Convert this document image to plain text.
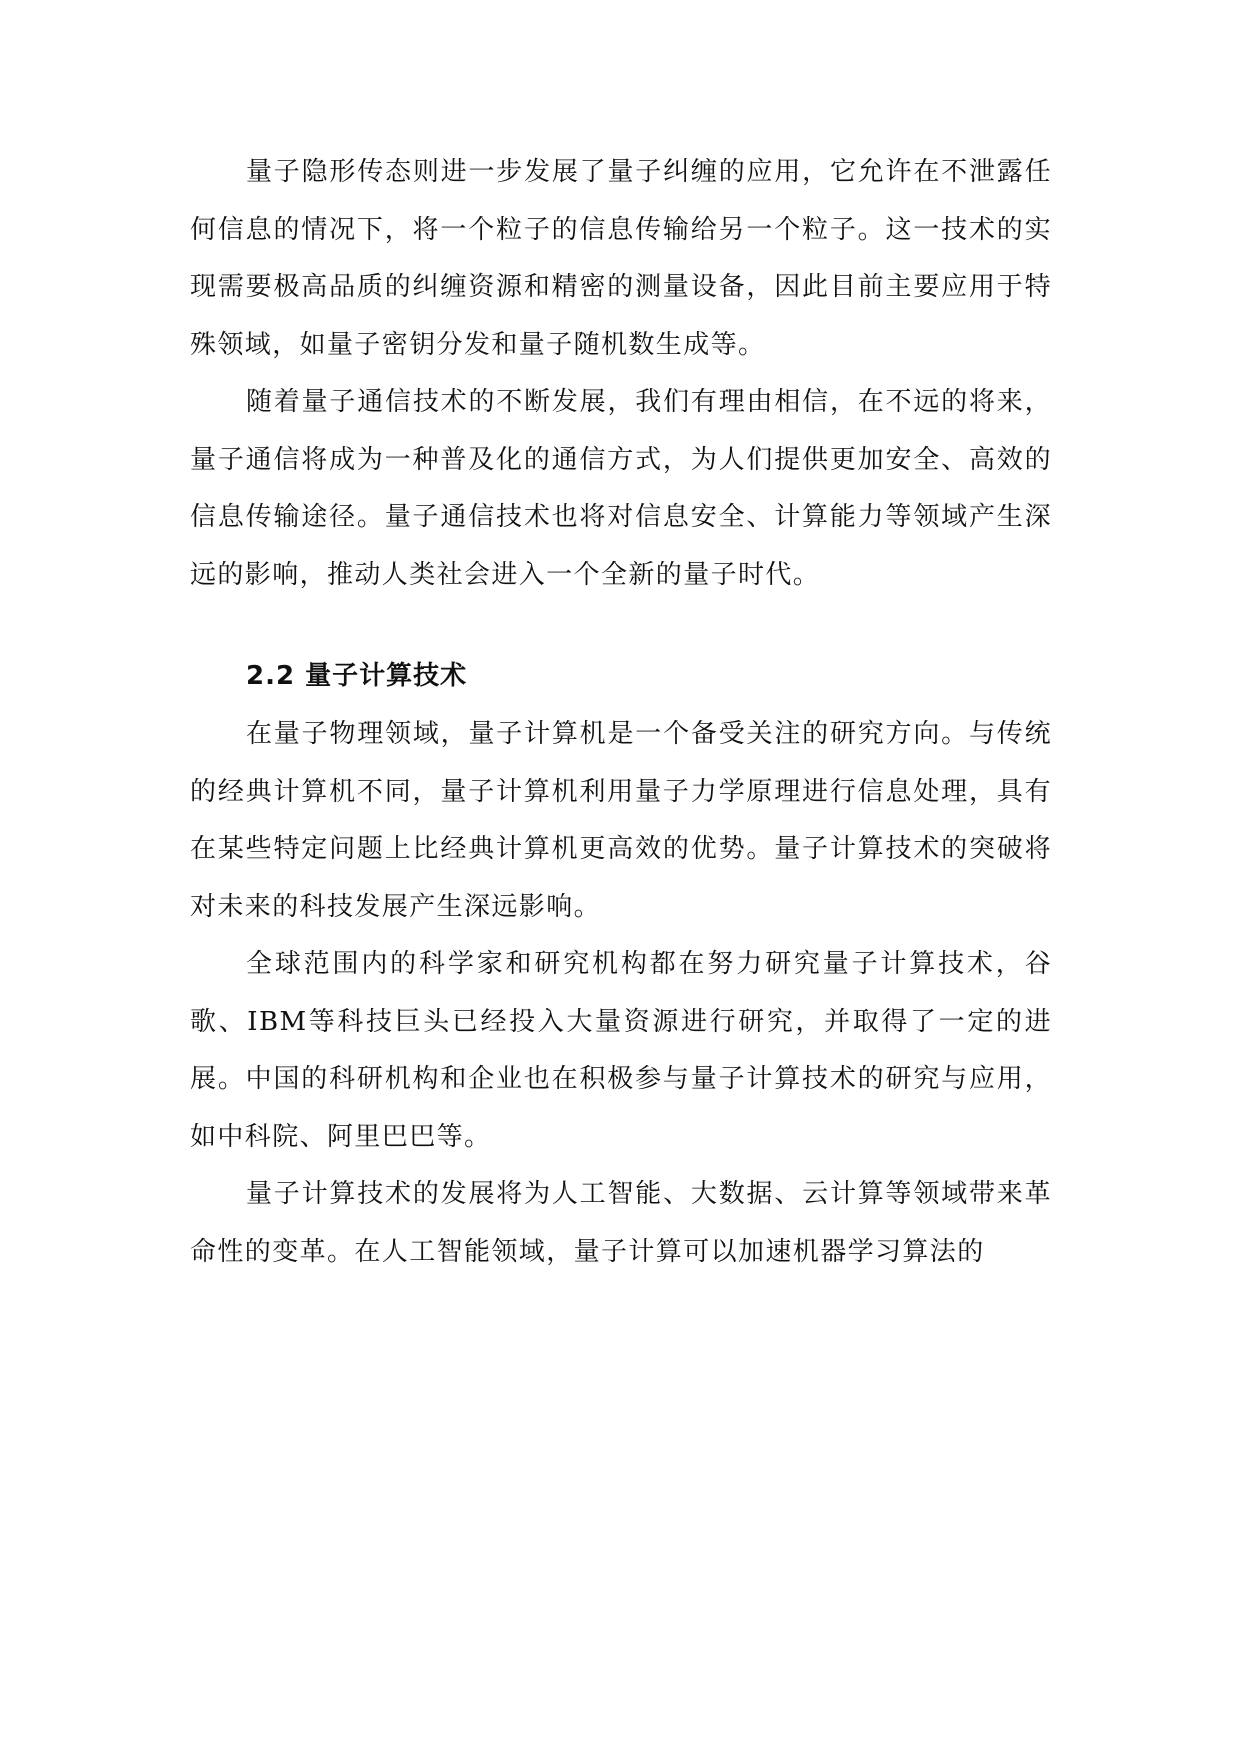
量子隐形传态则进一步发展了量子纠缠的应用，它允许在不泄露任何信息的情况下，将一个粒子的信息传输给另一个粒子。这一技术的实现需要极高品质的纠缠资源和精密的测量设备，因此目前主要应用于特殊领域，如量子密钥分发和量子随机数生成等。

随着量子通信技术的不断发展，我们有理由相信，在不远的将来，量子通信将成为一种普及化的通信方式，为人们提供更加安全、高效的信息传输途径。量子通信技术也将对信息安全、计算能力等领域产生深远的影响，推动人类社会进入一个全新的量子时代。

2.2 量子计算技术

在量子物理领域，量子计算机是一个备受关注的研究方向。与传统的经典计算机不同，量子计算机利用量子力学原理进行信息处理，具有在某些特定问题上比经典计算机更高效的优势。量子计算技术的突破将对未来的科技发展产生深远影响。

全球范围内的科学家和研究机构都在努力研究量子计算技术，谷歌、IBM等科技巨头已经投入大量资源进行研究，并取得了一定的进展。中国的科研机构和企业也在积极参与量子计算技术的研究与应用，如中科院、阿里巴巴等。

量子计算技术的发展将为人工智能、大数据、云计算等领域带来革命性的变革。在人工智能领域，量子计算可以加速机器学习算法的
